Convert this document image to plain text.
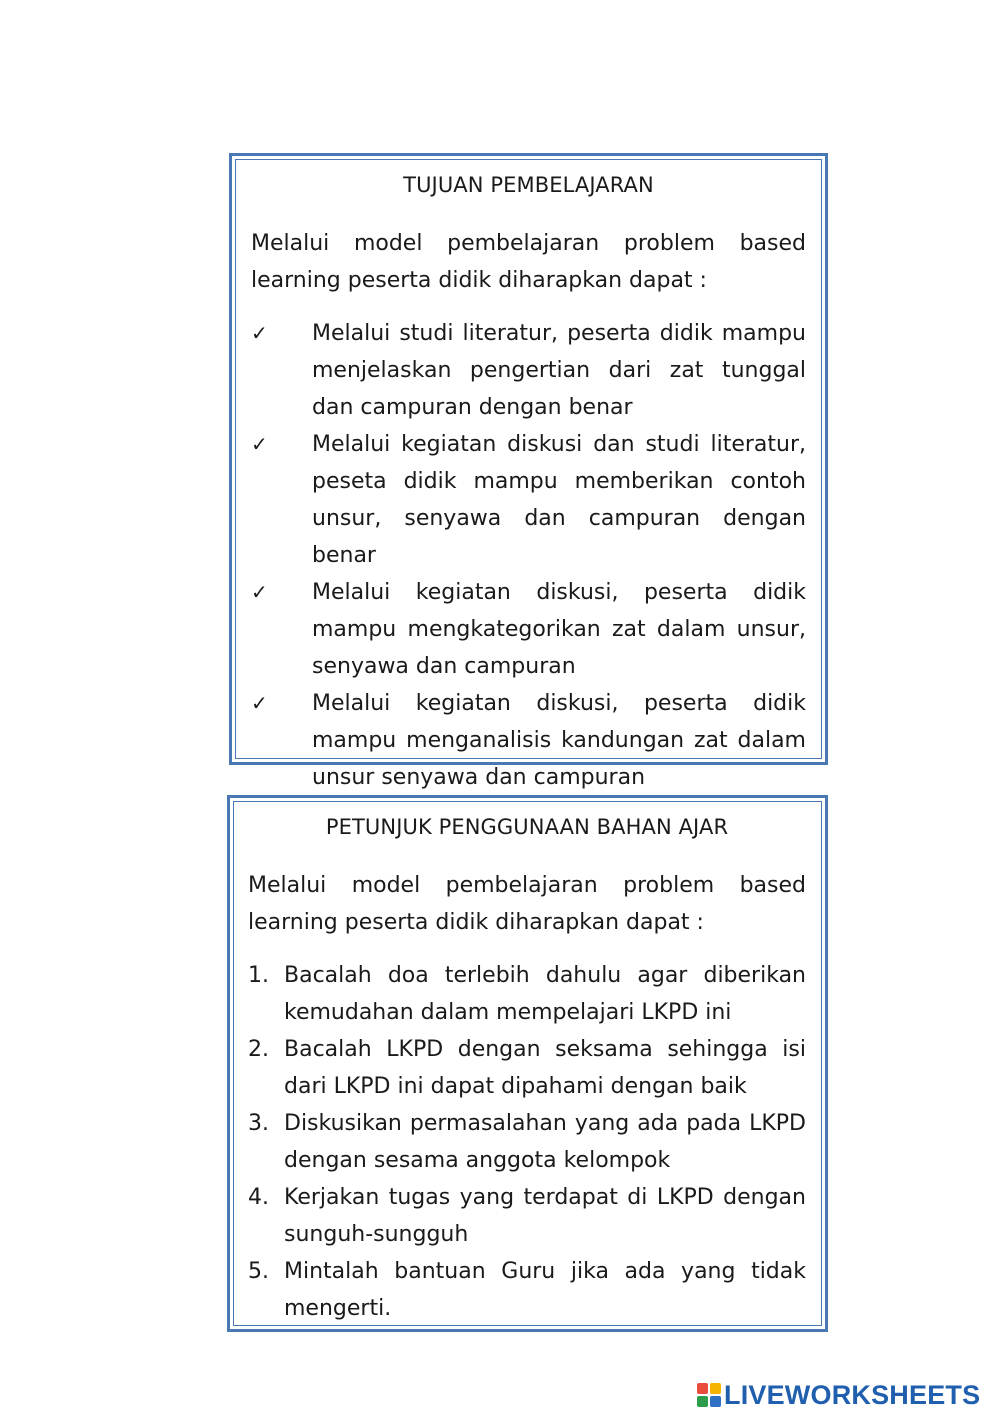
TUJUAN PEMBELAJARAN
Melalui model pembelajaran problem based learning peserta didik diharapkan dapat :
✓	Melalui studi literatur, peserta didik mampu menjelaskan pengertian dari zat tunggal dan campuran dengan benar
✓	Melalui kegiatan diskusi dan studi literatur, peseta didik mampu memberikan contoh unsur, senyawa dan campuran dengan benar
✓	Melalui kegiatan diskusi, peserta didik mampu mengkategorikan zat dalam unsur, senyawa dan campuran
✓	Melalui kegiatan diskusi, peserta didik mampu menganalisis kandungan zat dalam unsur senyawa dan campuran
PETUNJUK PENGGUNAAN BAHAN AJAR
Melalui model pembelajaran problem based learning peserta didik diharapkan dapat :
1. Bacalah doa terlebih dahulu agar diberikan kemudahan dalam mempelajari LKPD ini
2. Bacalah LKPD dengan seksama sehingga isi dari LKPD ini dapat dipahami dengan baik
3. Diskusikan permasalahan yang ada pada LKPD dengan sesama anggota kelompok
4. Kerjakan tugas yang terdapat di LKPD dengan sunguh-sungguh
5. Mintalah bantuan Guru jika ada yang tidak mengerti.
LIVEWORKSHEETS
